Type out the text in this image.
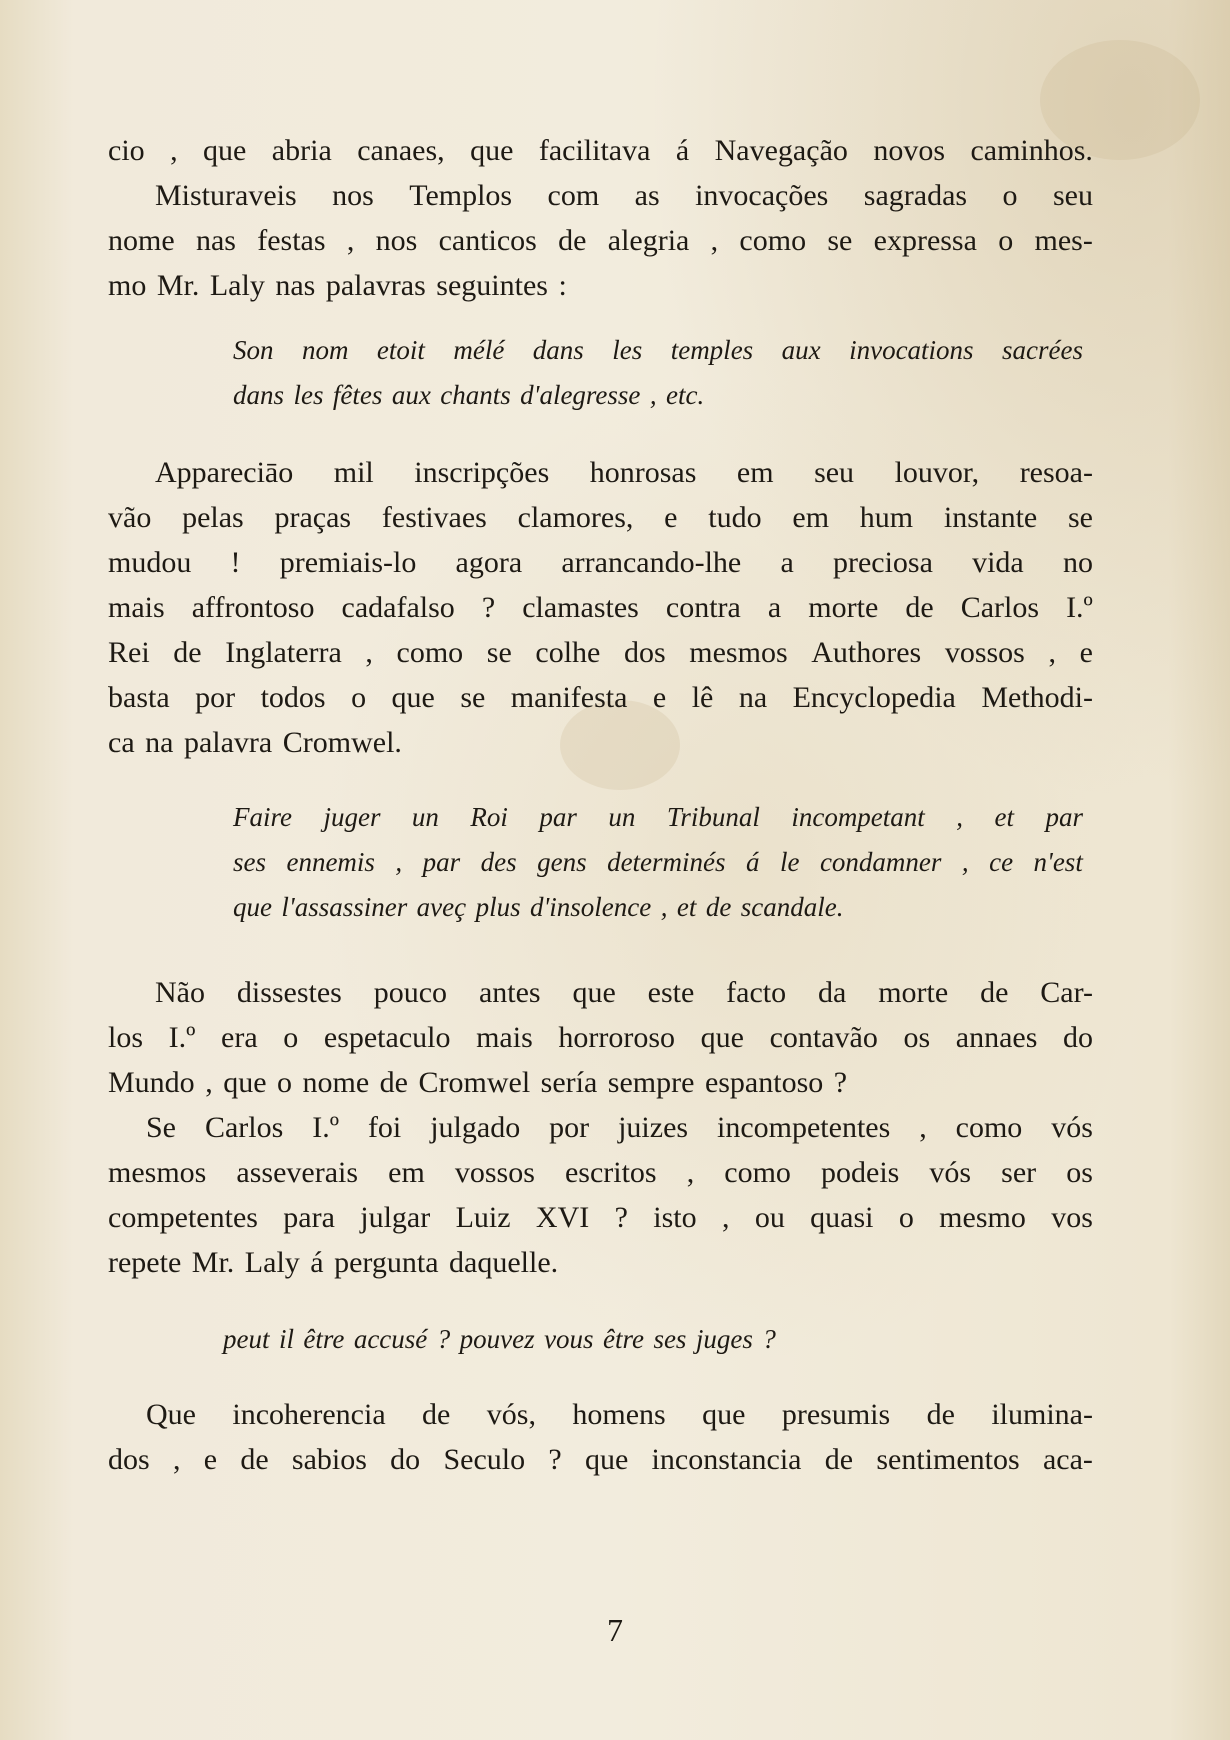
cio , que abria canaes, que facilitava á Navegação novos caminhos.
Misturaveis nos Templos com as invocações sagradas o seu
nome nas festas , nos canticos de alegria , como se expressa o mes-
mo Mr. Laly nas palavras seguintes :
Son nom etoit mélé dans les temples aux invocations sacrées
dans les fêtes aux chants d'alegresse , etc.
Appareciāo mil inscripções honrosas em seu louvor, resoa-
vão pelas praças festivaes clamores, e tudo em hum instante se
mudou ! premiais-lo agora arrancando-lhe a preciosa vida no
mais affrontoso cadafalso ? clamastes contra a morte de Carlos I.º
Rei de Inglaterra , como se colhe dos mesmos Authores vossos , e
basta por todos o que se manifesta e lê na Encyclopedia Methodi-
ca na palavra Cromwel.
Faire juger un Roi par un Tribunal incompetant , et par
ses ennemis , par des gens determinés á le condamner , ce n'est
que l'assassiner aveç plus d'insolence , et de scandale.
Não dissestes pouco antes que este facto da morte de Car-
los I.º era o espetaculo mais horroroso que contavão os annaes do
Mundo , que o nome de Cromwel sería sempre espantoso ?
Se Carlos I.º foi julgado por juizes incompetentes , como vós
mesmos asseverais em vossos escritos , como podeis vós ser os
competentes para julgar Luiz XVI ? isto , ou quasi o mesmo vos
repete Mr. Laly á pergunta daquelle.
peut il être accusé ? pouvez vous être ses juges ?
Que incoherencia de vós, homens que presumis de ilumina-
dos , e de sabios do Seculo ? que inconstancia de sentimentos aca-
7
